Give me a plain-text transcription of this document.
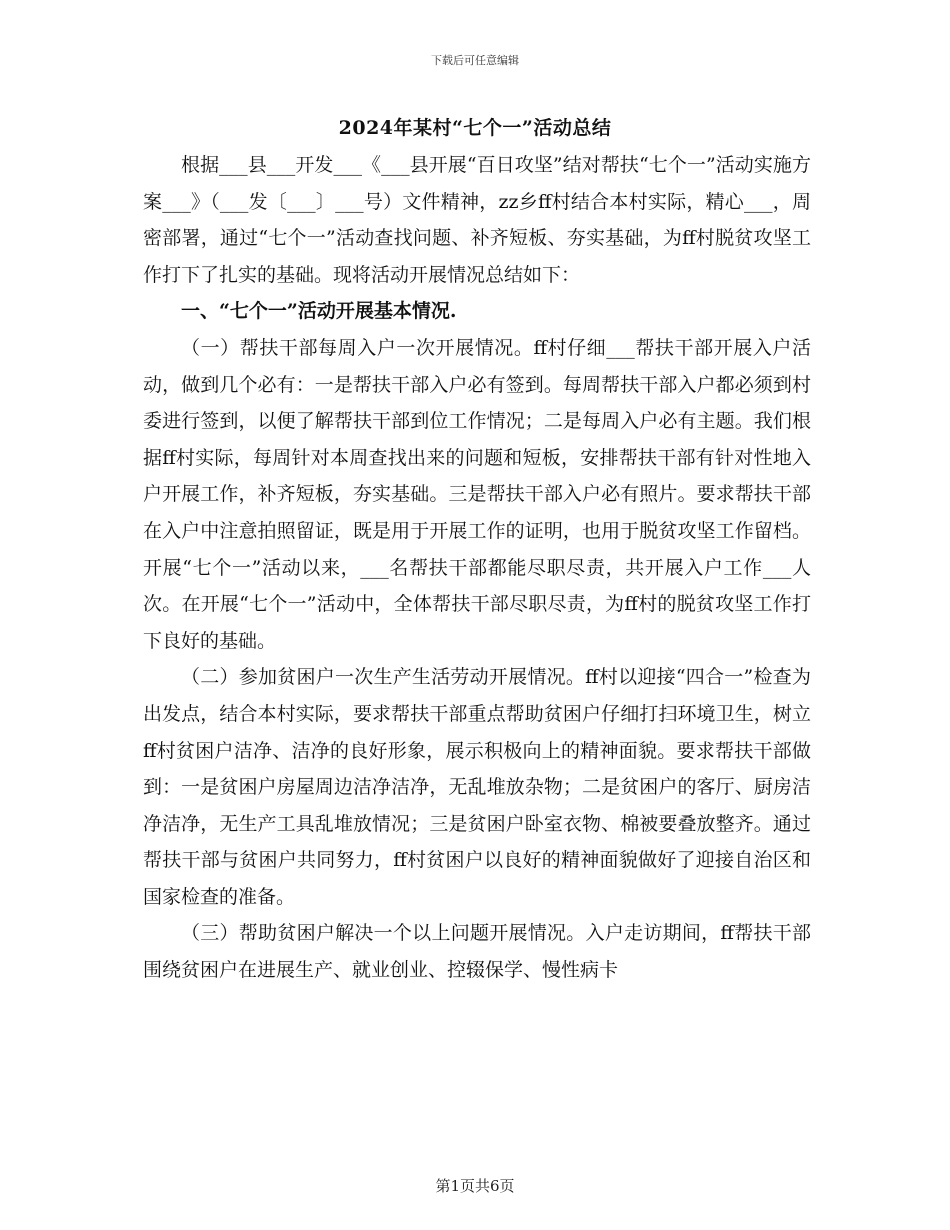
下载后可任意编辑
2024年某村“七个一”活动总结

根据___县___开发___《___县开展“百日攻坚”结对帮扶“七个一”活动实施方案___》（___发〔___〕___号）文件精神，zz乡ff村结合本村实际，精心___，周密部署，通过“七个一”活动查找问题、补齐短板、夯实基础，为ff村脱贫攻坚工作打下了扎实的基础。现将活动开展情况总结如下：

一、“七个一”活动开展基本情况.

（一）帮扶干部每周入户一次开展情况。ff村仔细___帮扶干部开展入户活动，做到几个必有：一是帮扶干部入户必有签到。每周帮扶干部入户都必须到村委进行签到，以便了解帮扶干部到位工作情况；二是每周入户必有主题。我们根据ff村实际，每周针对本周查找出来的问题和短板，安排帮扶干部有针对性地入户开展工作，补齐短板，夯实基础。三是帮扶干部入户必有照片。要求帮扶干部在入户中注意拍照留证，既是用于开展工作的证明，也用于脱贫攻坚工作留档。开展“七个一”活动以来，___名帮扶干部都能尽职尽责，共开展入户工作___人次。在开展“七个一”活动中，全体帮扶干部尽职尽责，为ff村的脱贫攻坚工作打下良好的基础。

（二）参加贫困户一次生产生活劳动开展情况。ff村以迎接“四合一”检查为出发点，结合本村实际，要求帮扶干部重点帮助贫困户仔细打扫环境卫生，树立ff村贫困户洁净、洁净的良好形象，展示积极向上的精神面貌。要求帮扶干部做到：一是贫困户房屋周边洁净洁净，无乱堆放杂物；二是贫困户的客厅、厨房洁净洁净，无生产工具乱堆放情况；三是贫困户卧室衣物、棉被要叠放整齐。通过帮扶干部与贫困户共同努力，ff村贫困户以良好的精神面貌做好了迎接自治区和国家检查的准备。

（三）帮助贫困户解决一个以上问题开展情况。入户走访期间，ff帮扶干部围绕贫困户在进展生产、就业创业、控辍保学、慢性病卡

第1页共6页
